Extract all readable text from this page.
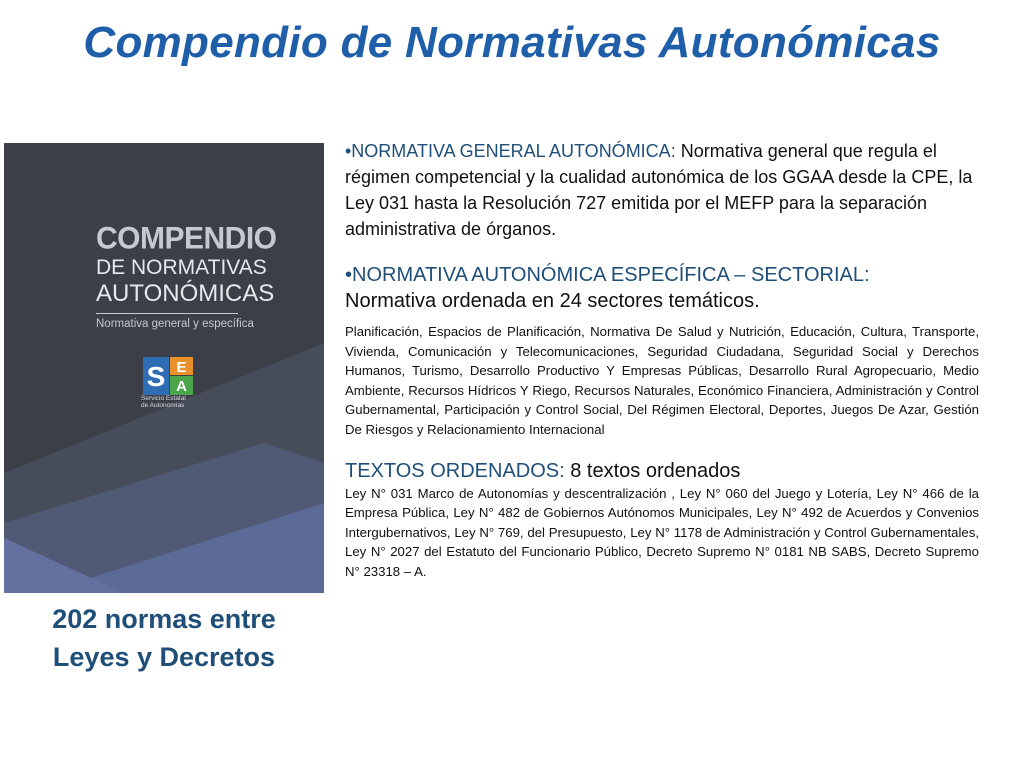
Compendio de Normativas Autonómicas
COMPENDIO
DE NORMATIVAS
AUTONÓMICAS
Normativa general y específica
S E
A
Servicio Estatal
de Autonomías
202 normas entre
Leyes y Decretos

•NORMATIVA GENERAL AUTONÓMICA: Normativa general que regula el régimen competencial y la cualidad autonómica de los GGAA desde la CPE, la Ley 031 hasta la Resolución 727 emitida por el MEFP para la separación administrativa de órganos.

•NORMATIVA AUTONÓMICA ESPECÍFICA – SECTORIAL:
Normativa ordenada en 24 sectores temáticos.

Planificación, Espacios de Planificación, Normativa De Salud y Nutrición, Educación, Cultura, Transporte, Vivienda, Comunicación y Telecomunicaciones, Seguridad Ciudadana, Seguridad Social y Derechos Humanos, Turismo, Desarrollo Productivo Y Empresas Públicas, Desarrollo Rural Agropecuario, Medio Ambiente, Recursos Hídricos Y Riego, Recursos Naturales, Económico Financiera, Administración y Control Gubernamental, Participación y Control Social, Del Régimen Electoral, Deportes, Juegos De Azar, Gestión De Riesgos y Relacionamiento Internacional

TEXTOS ORDENADOS: 8 textos ordenados

Ley N° 031 Marco de Autonomías y descentralización , Ley N° 060 del Juego y Lotería, Ley N° 466 de la Empresa Pública, Ley N° 482 de Gobiernos Autónomos Municipales, Ley N° 492 de Acuerdos y Convenios Intergubernativos, Ley N° 769, del Presupuesto, Ley N° 1178 de Administración y Control Gubernamentales, Ley N° 2027 del Estatuto del Funcionario Público, Decreto Supremo N° 0181 NB SABS, Decreto Supremo N° 23318 – A.
